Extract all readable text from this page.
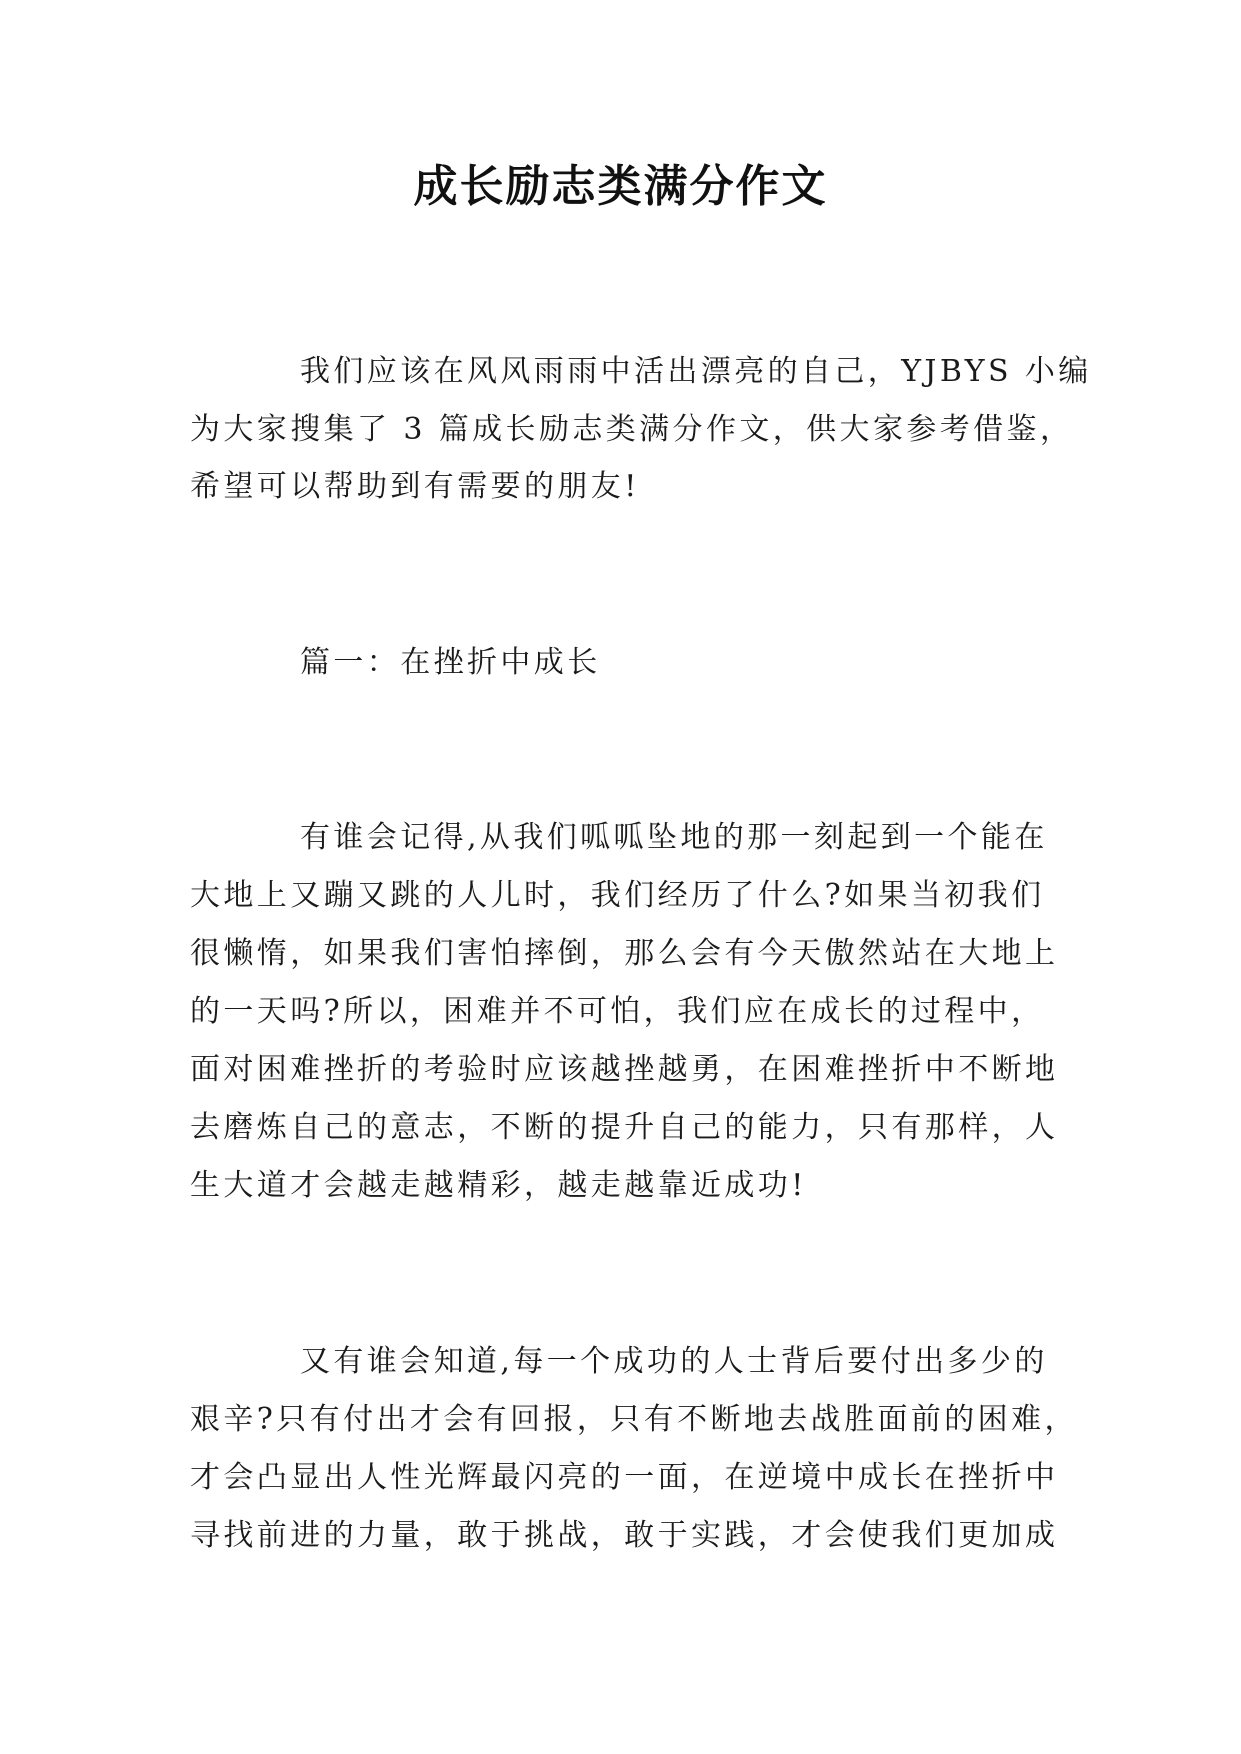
成长励志类满分作文
我们应该在风风雨雨中活出漂亮的自己，YJBYS 小编
为大家搜集了 3 篇成长励志类满分作文，供大家参考借鉴，
希望可以帮助到有需要的朋友!
篇一：在挫折中成长
有谁会记得,从我们呱呱坠地的那一刻起到一个能在
大地上又蹦又跳的人儿时，我们经历了什么?如果当初我们
很懒惰，如果我们害怕摔倒，那么会有今天傲然站在大地上
的一天吗?所以，困难并不可怕，我们应在成长的过程中，
面对困难挫折的考验时应该越挫越勇，在困难挫折中不断地
去磨炼自己的意志，不断的提升自己的能力，只有那样，人
生大道才会越走越精彩，越走越靠近成功!
又有谁会知道,每一个成功的人士背后要付出多少的
艰辛?只有付出才会有回报，只有不断地去战胜面前的困难，
才会凸显出人性光辉最闪亮的一面，在逆境中成长在挫折中
寻找前进的力量，敢于挑战，敢于实践，才会使我们更加成
